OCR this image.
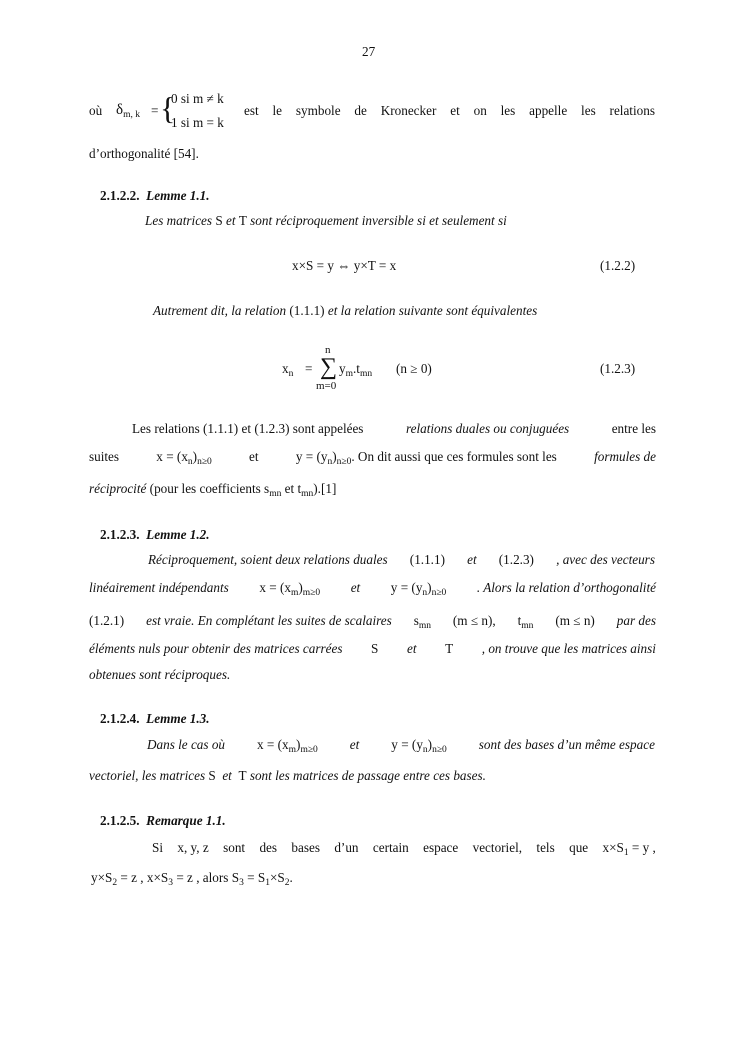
27
où $\delta_{m, k}$ = {
0 si m ≠ k
1 si m = k
est le symbole de Kronecker et on les appelle les relations
d’orthogonalité [54].
2.1.2.2. Lemme 1.1.
Les matrices S et T sont réciproquement inversible si et seulement si
x×S = y ⇔ y×T = x	(1.2.2)
Autrement dit, la relation (1.1.1) et la relation suivante sont équivalentes
$x_n$ =
n
∑
m=0
$y_m.t_{mn}$ (n ≥ 0)	(1.2.3)
Les relations (1.1.1) et (1.2.3) sont appelées	relations duales ou conjuguées	entre les
suites	$x = (x_n)_{n\ge 0}$	et	$y = (y_n)_{n\ge 0}$. On dit aussi que ces formules sont les	formules de
réciprocité (pour les coefficients $s_{mn}$ et $t_{mn}).[1]$
2.1.2.3. Lemme 1.2.
Réciproquement, soient deux relations duales (1.1.1) et (1.2.3) , avec des vecteurs
linéairement indépendants $x = (x_m)_{m\ge 0}$ et $y = (y_n)_{n\ge 0}$ . Alors la relation d’orthogonalité
(1.2.1) est vraie. En complétant les suites de scalaires $s_{mn}$ (m ≤ n), $t_{mn}$ (m ≤ n) par des
éléments nuls pour obtenir des matrices carrées S et T , on trouve que les matrices ainsi
obtenues sont réciproques.
2.1.2.4. Lemme 1.3.
Dans le cas où $x = (x_m)_{m\ge 0}$ et $y = (y_n)_{n\ge 0}$ sont des bases d’un même espace
vectoriel, les matrices S et T sont les matrices de passage entre ces bases.
2.1.2.5. Remarque 1.1.
Si x, y, z sont des bases d’un certain espace vectoriel, tels que $x\times S_1 = y$ ,
$y\times S_2 = z$ , $x\times S_3 = z$ , alors $S_3 = S_1\times S_2$.
